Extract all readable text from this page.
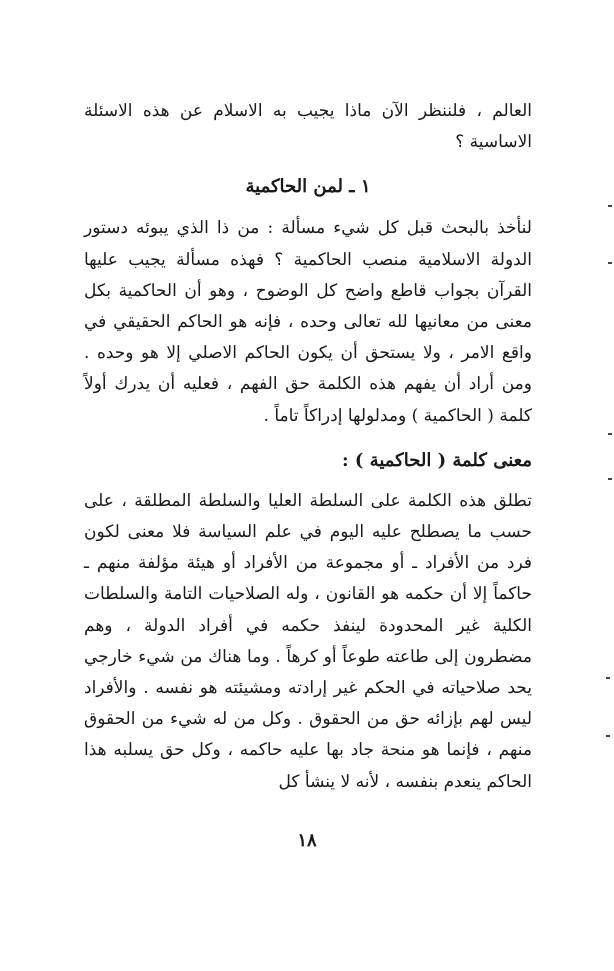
العالم ، فلننظر الآن ماذا يجيب به الاسلام عن هذه الاسئلة الاساسية ؟

١ ـ لمن الحاكمية

لنأخذ بالبحث قبل كل شيء مسألة : من ذا الذي يبوئه دستور الدولة الاسلامية منصب الحاكمية ؟ فهذه مسألة يجيب عليها القرآن بجواب قاطع واضح كل الوضوح ، وهو أن الحاكمية بكل معنى من معانيها لله تعالى وحده ، فإنه هو الحاكم الحقيقي في واقع الامر ، ولا يستحق أن يكون الحاكم الاصلي إلا هو وحده . ومن أراد أن يفهم هذه الكلمة حق الفهم ، فعليه أن يدرك أولاً كلمة ( الحاكمية ) ومدلولها إدراكاً تاماً .

معنى كلمة ( الحاكمية ) :

تطلق هذه الكلمة على السلطة العليا والسلطة المطلقة ، على حسب ما يصطلح عليه اليوم في علم السياسة فلا معنى لكون فرد من الأفراد ـ أو مجموعة من الأفراد أو هيئة مؤلفة منهم ـ حاكماً إلا أن حكمه هو القانون ، وله الصلاحيات التامة والسلطات الكلية غير المحدودة لينفذ حكمه في أفراد الدولة ، وهم مضطرون إلى طاعته طوعاً أو كرهاً . وما هناك من شيء خارجي يحد صلاحياته في الحكم غير إرادته ومشيئته هو نفسه . والأفراد ليس لهم بإزائه حق من الحقوق . وكل من له شيء من الحقوق منهم ، فإنما هو منحة جاد بها عليه حاكمه ، وكل حق يسلبه هذا الحاكم ينعدم بنفسه ، لأنه لا ينشأ كل

١٨
